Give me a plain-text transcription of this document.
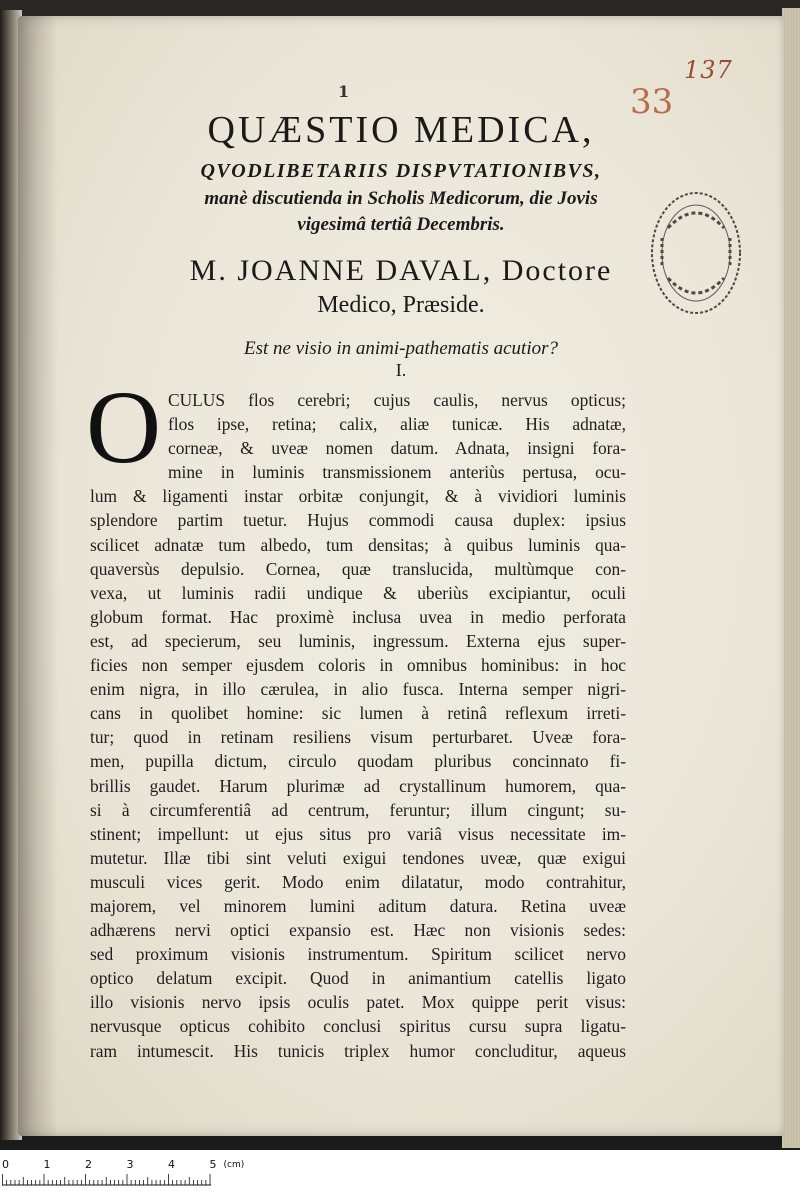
137
33
1
QUÆSTIO MEDICA,
QVODLIBETARIIS DISPVTATIONIBVS,
manè discutienda in Scholis Medicorum, die Jovis
vigesimâ tertiâ Decembris.
M. JOANNE DAVAL, Doctore
Medico, Præside.
Est ne visio in animi-pathematis acutior?
I.
O CULUS flos cerebri; cujus caulis, nervus opticus;
flos ipse, retina; calix, aliæ tunicæ. His adnatæ,
corneæ, & uveæ nomen datum. Adnata, insigni fora-
mine in luminis transmissionem anteriùs pertusa, ocu-
lum & ligamenti instar orbitæ conjungit, & à vividiori luminis
splendore partim tuetur. Hujus commodi causa duplex: ipsius
scilicet adnatæ tum albedo, tum densitas; à quibus luminis qua-
quaversùs depulsio. Cornea, quæ translucida, multùmque con-
vexa, ut luminis radii undique & uberiùs excipiantur, oculi
globum format. Hac proximè inclusa uvea in medio perforata
est, ad specierum, seu luminis, ingressum. Externa ejus super-
ficies non semper ejusdem coloris in omnibus hominibus: in hoc
enim nigra, in illo cærulea, in alio fusca. Interna semper nigri-
cans in quolibet homine: sic lumen à retinâ reflexum irreti-
tur; quod in retinam resiliens visum perturbaret. Uveæ fora-
men, pupilla dictum, circulo quodam pluribus concinnato fi-
brillis gaudet. Harum plurimæ ad crystallinum humorem, qua-
si à circumferentiâ ad centrum, feruntur; illum cingunt; su-
stinent; impellunt: ut ejus situs pro variâ visus necessitate im-
mutetur. Illæ tibi sint veluti exigui tendones uveæ, quæ exigui
musculi vices gerit. Modo enim dilatatur, modo contrahitur,
majorem, vel minorem lumini aditum datura. Retina uveæ
adhærens nervi optici expansio est. Hæc non visionis sedes:
sed proximum visionis instrumentum. Spiritum scilicet nervo
optico delatum excipit. Quod in animantium catellis ligato
illo visionis nervo ipsis oculis patet. Mox quippe perit visus:
nervusque opticus cohibito conclusi spiritus cursu supra ligatu-
ram intumescit. His tunicis triplex humor concluditur, aqueus
0	1	2	3	4	5 (cm)
